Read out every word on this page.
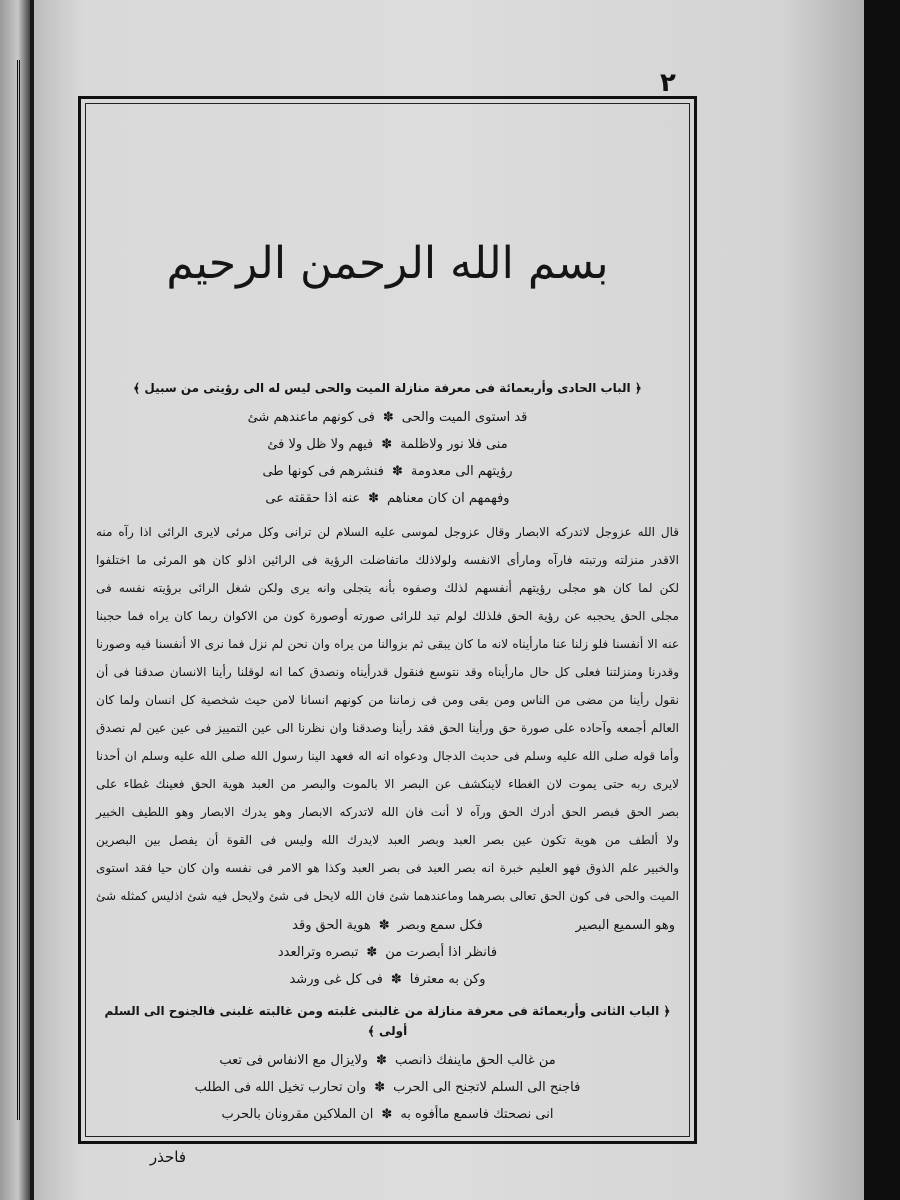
٢
بسم الله الرحمن الرحيم
﴿ الباب الحادى وأربعمائة فى معرفة منازلة الميت والحى ليس له الى رؤيتى من سبيل ﴾
قد استوى الميت والحى✽فى كونهم ماعندهم شئ
منى فلا نور ولاظلمة✽فيهم ولا ظل ولا فئ
رؤيتهم الى معدومة✽فنشرهم فى كونها طى
وفهمهم ان كان معناهم✽عنه اذا حققته عى
قال الله عزوجل لاتدركه الابصار وقال عزوجل لموسى عليه السلام لن ترانى وكل مرئى لايرى الرائى اذا رآه منه
الاقدر منزلته ورتبته فارآه ومارأى الانفسه ولولاذلك ماتفاضلت الرؤية فى الرائين اذلو كان هو المرئى ما اختلفوا
لكن لما كان هو مجلى رؤيتهم أنفسهم لذلك وصفوه بأنه يتجلى وانه يرى ولكن شغل الرائى برؤيته نفسه فى
مجلى الحق يحجبه عن رؤية الحق فلذلك لولم تبد للرائى صورته أوصورة كون من الاكوان ربما كان يراه فما حجبنا
عنه الا أنفسنا فلو زلنا عنا مارأيناه لانه ما كان يبقى ثم بزوالنا من يراه وان نحن لم نزل فما نرى الا أنفسنا فيه وصورنا
وقدرنا ومنزلتنا فعلى كل حال مارأيناه وقد نتوسع فنقول قدرأيناه ونصدق كما انه لوقلنا رأينا الانسان صدقنا فى أن
نقول رأينا من مضى من الناس ومن بقى ومن فى زماننا من كونهم انسانا لامن حيث شخصية كل انسان ولما كان
العالم أجمعه وآحاده على صورة حق ورأينا الحق فقد رأينا وصدقنا وان نظرنا الى عين التمييز فى عين عين لم نصدق
وأما قوله صلى الله عليه وسلم فى حديث الدجال ودعواه انه اله فعهد الينا رسول الله صلى الله عليه وسلم ان أحدنا
لايرى ربه حتى يموت لان الغطاء لاينكشف عن البصر الا بالموت والبصر من العبد هوية الحق فعينك غطاء على
بصر الحق فبصر الحق أدرك الحق ورآه لا أنت فان الله لاتدركه الابصار وهو يدرك الابصار وهو اللطيف الخبير
ولا ألطف من هوية تكون عين بصر العبد وبصر العبد لايدرك الله وليس فى القوة أن يفصل بين البصرين
والخبير علم الذوق فهو العليم خبرة انه بصر العبد فى بصر العبد وكذا هو الامر فى نفسه وان كان حيا فقد استوى
الميت والحى فى كون الحق تعالى بصرهما وماعندهما شئ فان الله لايحل فى شئ ولايحل فيه شئ اذليس كمثله شئ
وهو السميع البصير
فكل سمع وبصر✽هوية الحق وقد
فانظر اذا أبصرت من✽تبصره وترالعدد
وكن به معترفا✽فى كل غى ورشد
﴿ الباب الثانى وأربعمائة فى معرفة منازلة من غالبنى غلبته ومن غالبته غلبنى فالجنوح الى السلم أولى ﴾
من غالب الحق ماينفك ذانصب✽ولايزال مع الانفاس فى تعب
فاجنح الى السلم لاتجنح الى الحرب✽وان تحارب تخيل الله فى الطلب
انى نصحتك فاسمع ماأفوه به✽ان الملاكين مقرونان بالحرب
فاحذر
